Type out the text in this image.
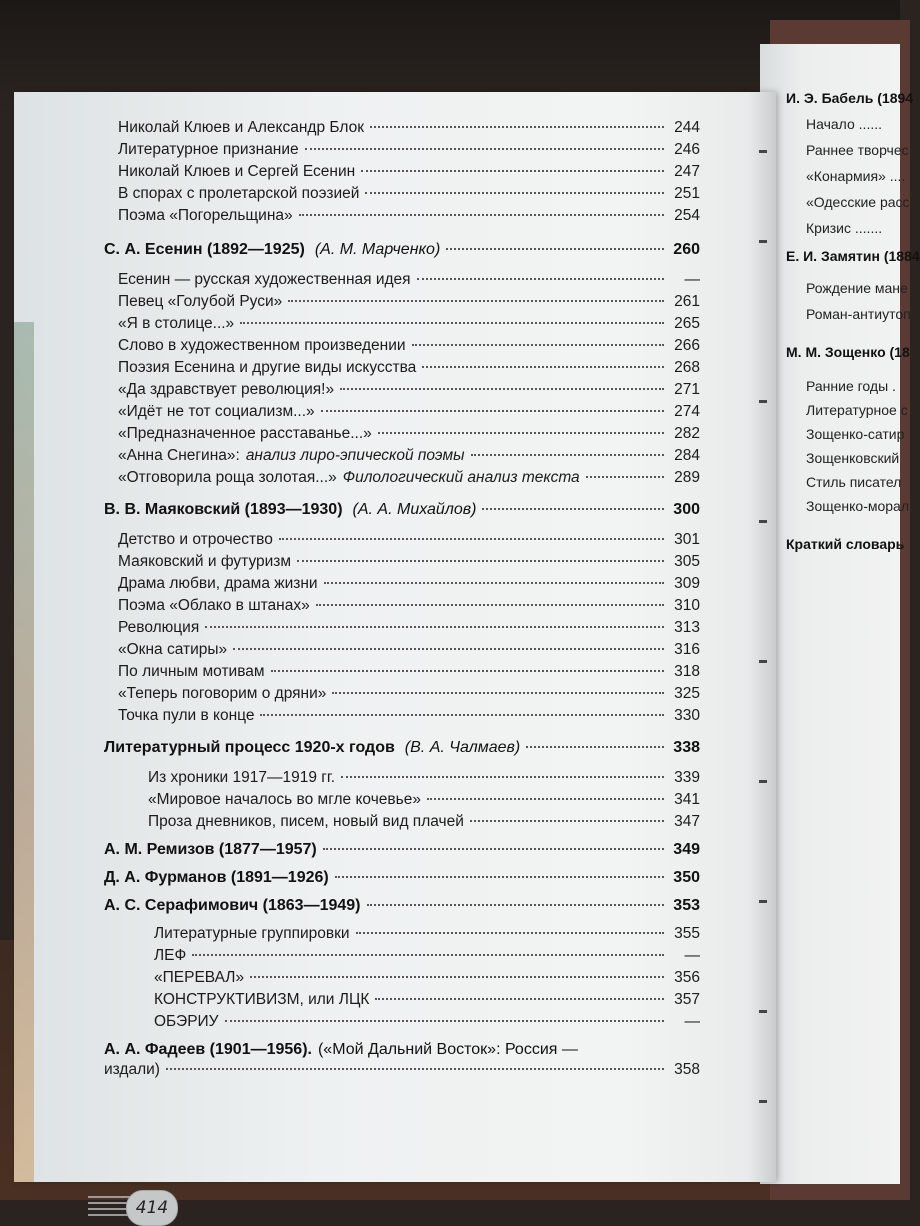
И. Э. Бабель (1894
Начало ......
Раннее творчес
«Конармия» ....
«Одесские расс
Кризис .......
Е. И. Замятин (1884
Рождение мане
Роман-антиутоп
М. М. Зощенко (18
Ранние годы .
Литературное с
Зощенко-сатир
Зощенковский
Стиль писател
Зощенко-морал
Краткий словарь
Николай Клюев и Александр Блок	244
Литературное признание	246
Николай Клюев и Сергей Есенин	247
В спорах с пролетарской поэзией	251
Поэма «Погорельщина»	254
С. А. Есенин (1892—1925) (А. М. Марченко)	260
Есенин — русская художественная идея	—
Певец «Голубой Руси»	261
«Я в столице...»	265
Слово в художественном произведении	266
Поэзия Есенина и другие виды искусства	268
«Да здравствует революция!»	271
«Идёт не тот социализм...»	274
«Предназначенное расставанье...»	282
«Анна Снегина»: анализ лиро-эпической поэмы	284
«Отговорила роща золотая...» Филологический анализ текста	289
В. В. Маяковский (1893—1930) (А. А. Михайлов)	300
Детство и отрочество	301
Маяковский и футуризм	305
Драма любви, драма жизни	309
Поэма «Облако в штанах»	310
Революция	313
«Окна сатиры»	316
По личным мотивам	318
«Теперь поговорим о дряни»	325
Точка пули в конце	330
Литературный процесс 1920-х годов (В. А. Чалмаев)	338
Из хроники 1917—1919 гг.	339
«Мировое началось во мгле кочевье»	341
Проза дневников, писем, новый вид плачей	347
А. М. Ремизов (1877—1957)	349
Д. А. Фурманов (1891—1926)	350
А. С. Серафимович (1863—1949)	353
Литературные группировки	355
ЛЕФ	—
«ПЕРЕВАЛ»	356
КОНСТРУКТИВИЗМ, или ЛЦК	357
ОБЭРИУ	—
А. А. Фадеев (1901—1956). («Мой Дальний Восток»: Россия —
издали)	358
414
